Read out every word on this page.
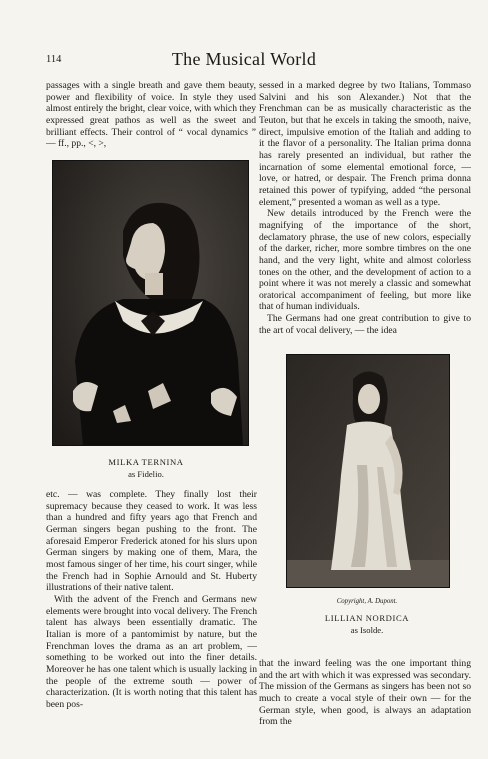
114	The Musical World

passages with a single breath and gave them beauty, power and flexibility of voice. In style they used almost entirely the bright, clear voice, with which they expressed great pathos as well as the sweet and brilliant effects. Their control of “ vocal dynamics ” — ff., pp., <, >,

MILKA TERNINA
as Fidelio.

etc. — was complete. They finally lost their supremacy because they ceased to work. It was less than a hundred and fifty years ago that French and German singers began pushing to the front. The aforesaid Emperor Frederick atoned for his slurs upon German singers by making one of them, Mara, the most famous singer of her time, his court singer, while the French had in Sophie Arnould and St. Huberty illustrations of their native talent.

With the advent of the French and Germans new elements were brought into vocal delivery. The French talent has always been essentially dramatic. The Italian is more of a pantomimist by nature, but the Frenchman loves the drama as an art problem, — something to be worked out into the finer details. Moreover he has one talent which is usually lacking in the people of the extreme south — power of characterization. (It is worth noting that this talent has been pos-

sessed in a marked degree by two Italians, Tommaso Salvini and his son Alexander.) Not that the Frenchman can be as musically characteristic as the Teuton, but that he excels in taking the smooth, naive, direct, impulsive emotion of the Italiah and adding to it the flavor of a personality. The Italian prima donna has rarely presented an individual, but rather the incarnation of some elemental emotional force, — love, or hatred, or despair. The French prima donna retained this power of typifying, added “the personal element,” presented a woman as well as a type.

New details introduced by the French were the magnifying of the importance of the short, declamatory phrase, the use of new colors, especially of the darker, richer, more sombre timbres on the one hand, and the very light, white and almost colorless tones on the other, and the development of action to a point where it was not merely a classic and somewhat oratorical accompaniment of feeling, but more like that of human individuals.

The Germans had one great contribution to give to the art of vocal delivery, — the idea

Copyright, A. Dupont.
LILLIAN NORDICA
as Isolde.

that the inward feeling was the one important thing and the art with which it was expressed was secondary. The mission of the Germans as singers has been not so much to create a vocal style of their own — for the German style, when good, is always an adaptation from the
